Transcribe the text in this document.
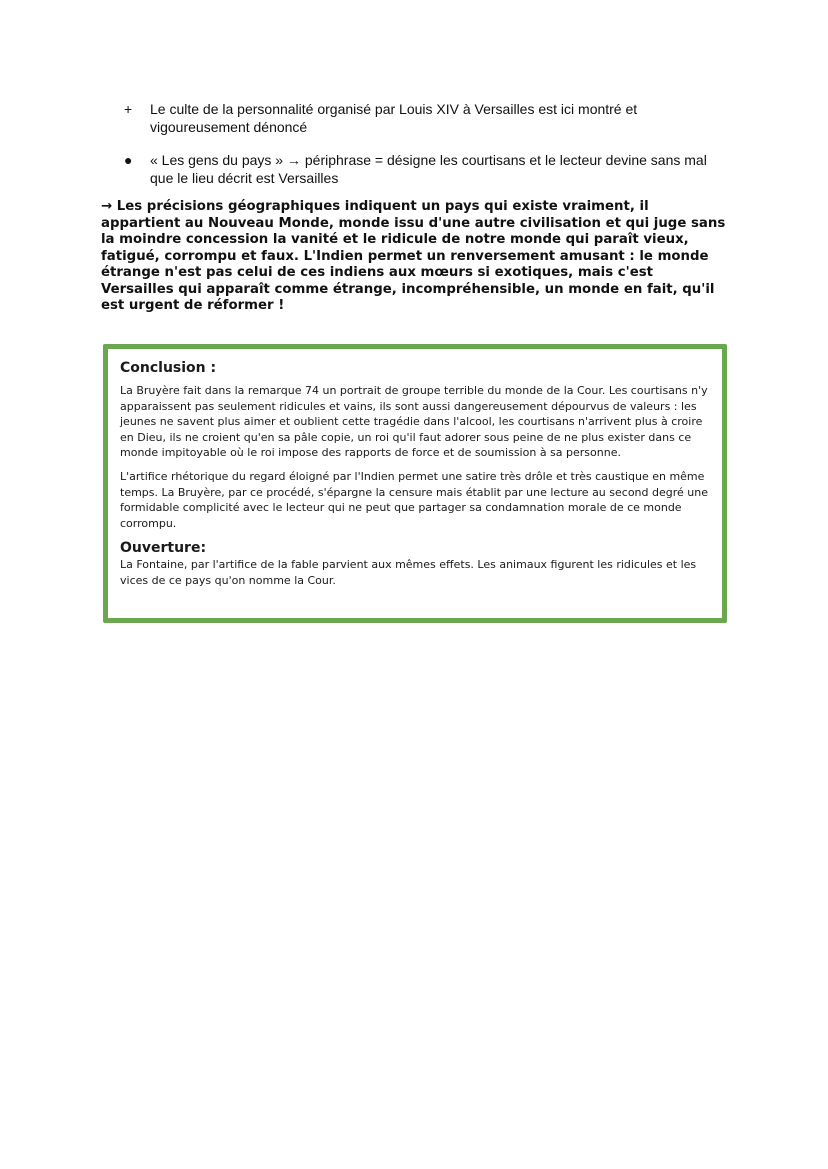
+	Le culte de la personnalité organisé par Louis XIV à Versailles est ici montré et vigoureusement dénoncé
●	« Les gens du pays » → périphrase = désigne les courtisans et le lecteur devine sans mal que le lieu décrit est Versailles

→ Les précisions géographiques indiquent un pays qui existe vraiment, il appartient au Nouveau Monde, monde issu d'une autre civilisation et qui juge sans la moindre concession la vanité et le ridicule de notre monde qui paraît vieux, fatigué, corrompu et faux. L'Indien permet un renversement amusant : le monde étrange n'est pas celui de ces indiens aux mœurs si exotiques, mais c'est Versailles qui apparaît comme étrange, incompréhensible, un monde en fait, qu'il est urgent de réformer !

Conclusion :

La Bruyère fait dans la remarque 74 un portrait de groupe terrible du monde de la Cour. Les courtisans n'y apparaissent pas seulement ridicules et vains, ils sont aussi dangereusement dépourvus de valeurs : les jeunes ne savent plus aimer et oublient cette tragédie dans l'alcool, les courtisans n'arrivent plus à croire en Dieu, ils ne croient qu'en sa pâle copie, un roi qu'il faut adorer sous peine de ne plus exister dans ce monde impitoyable où le roi impose des rapports de force et de soumission à sa personne.

L'artifice rhétorique du regard éloigné par l'Indien permet une satire très drôle et très caustique en même temps. La Bruyère, par ce procédé, s'épargne la censure mais établit par une lecture au second degré une formidable complicité avec le lecteur qui ne peut que partager sa condamnation morale de ce monde corrompu.

Ouverture:

La Fontaine, par l'artifice de la fable parvient aux mêmes effets. Les animaux figurent les ridicules et les vices de ce pays qu'on nomme la Cour.
